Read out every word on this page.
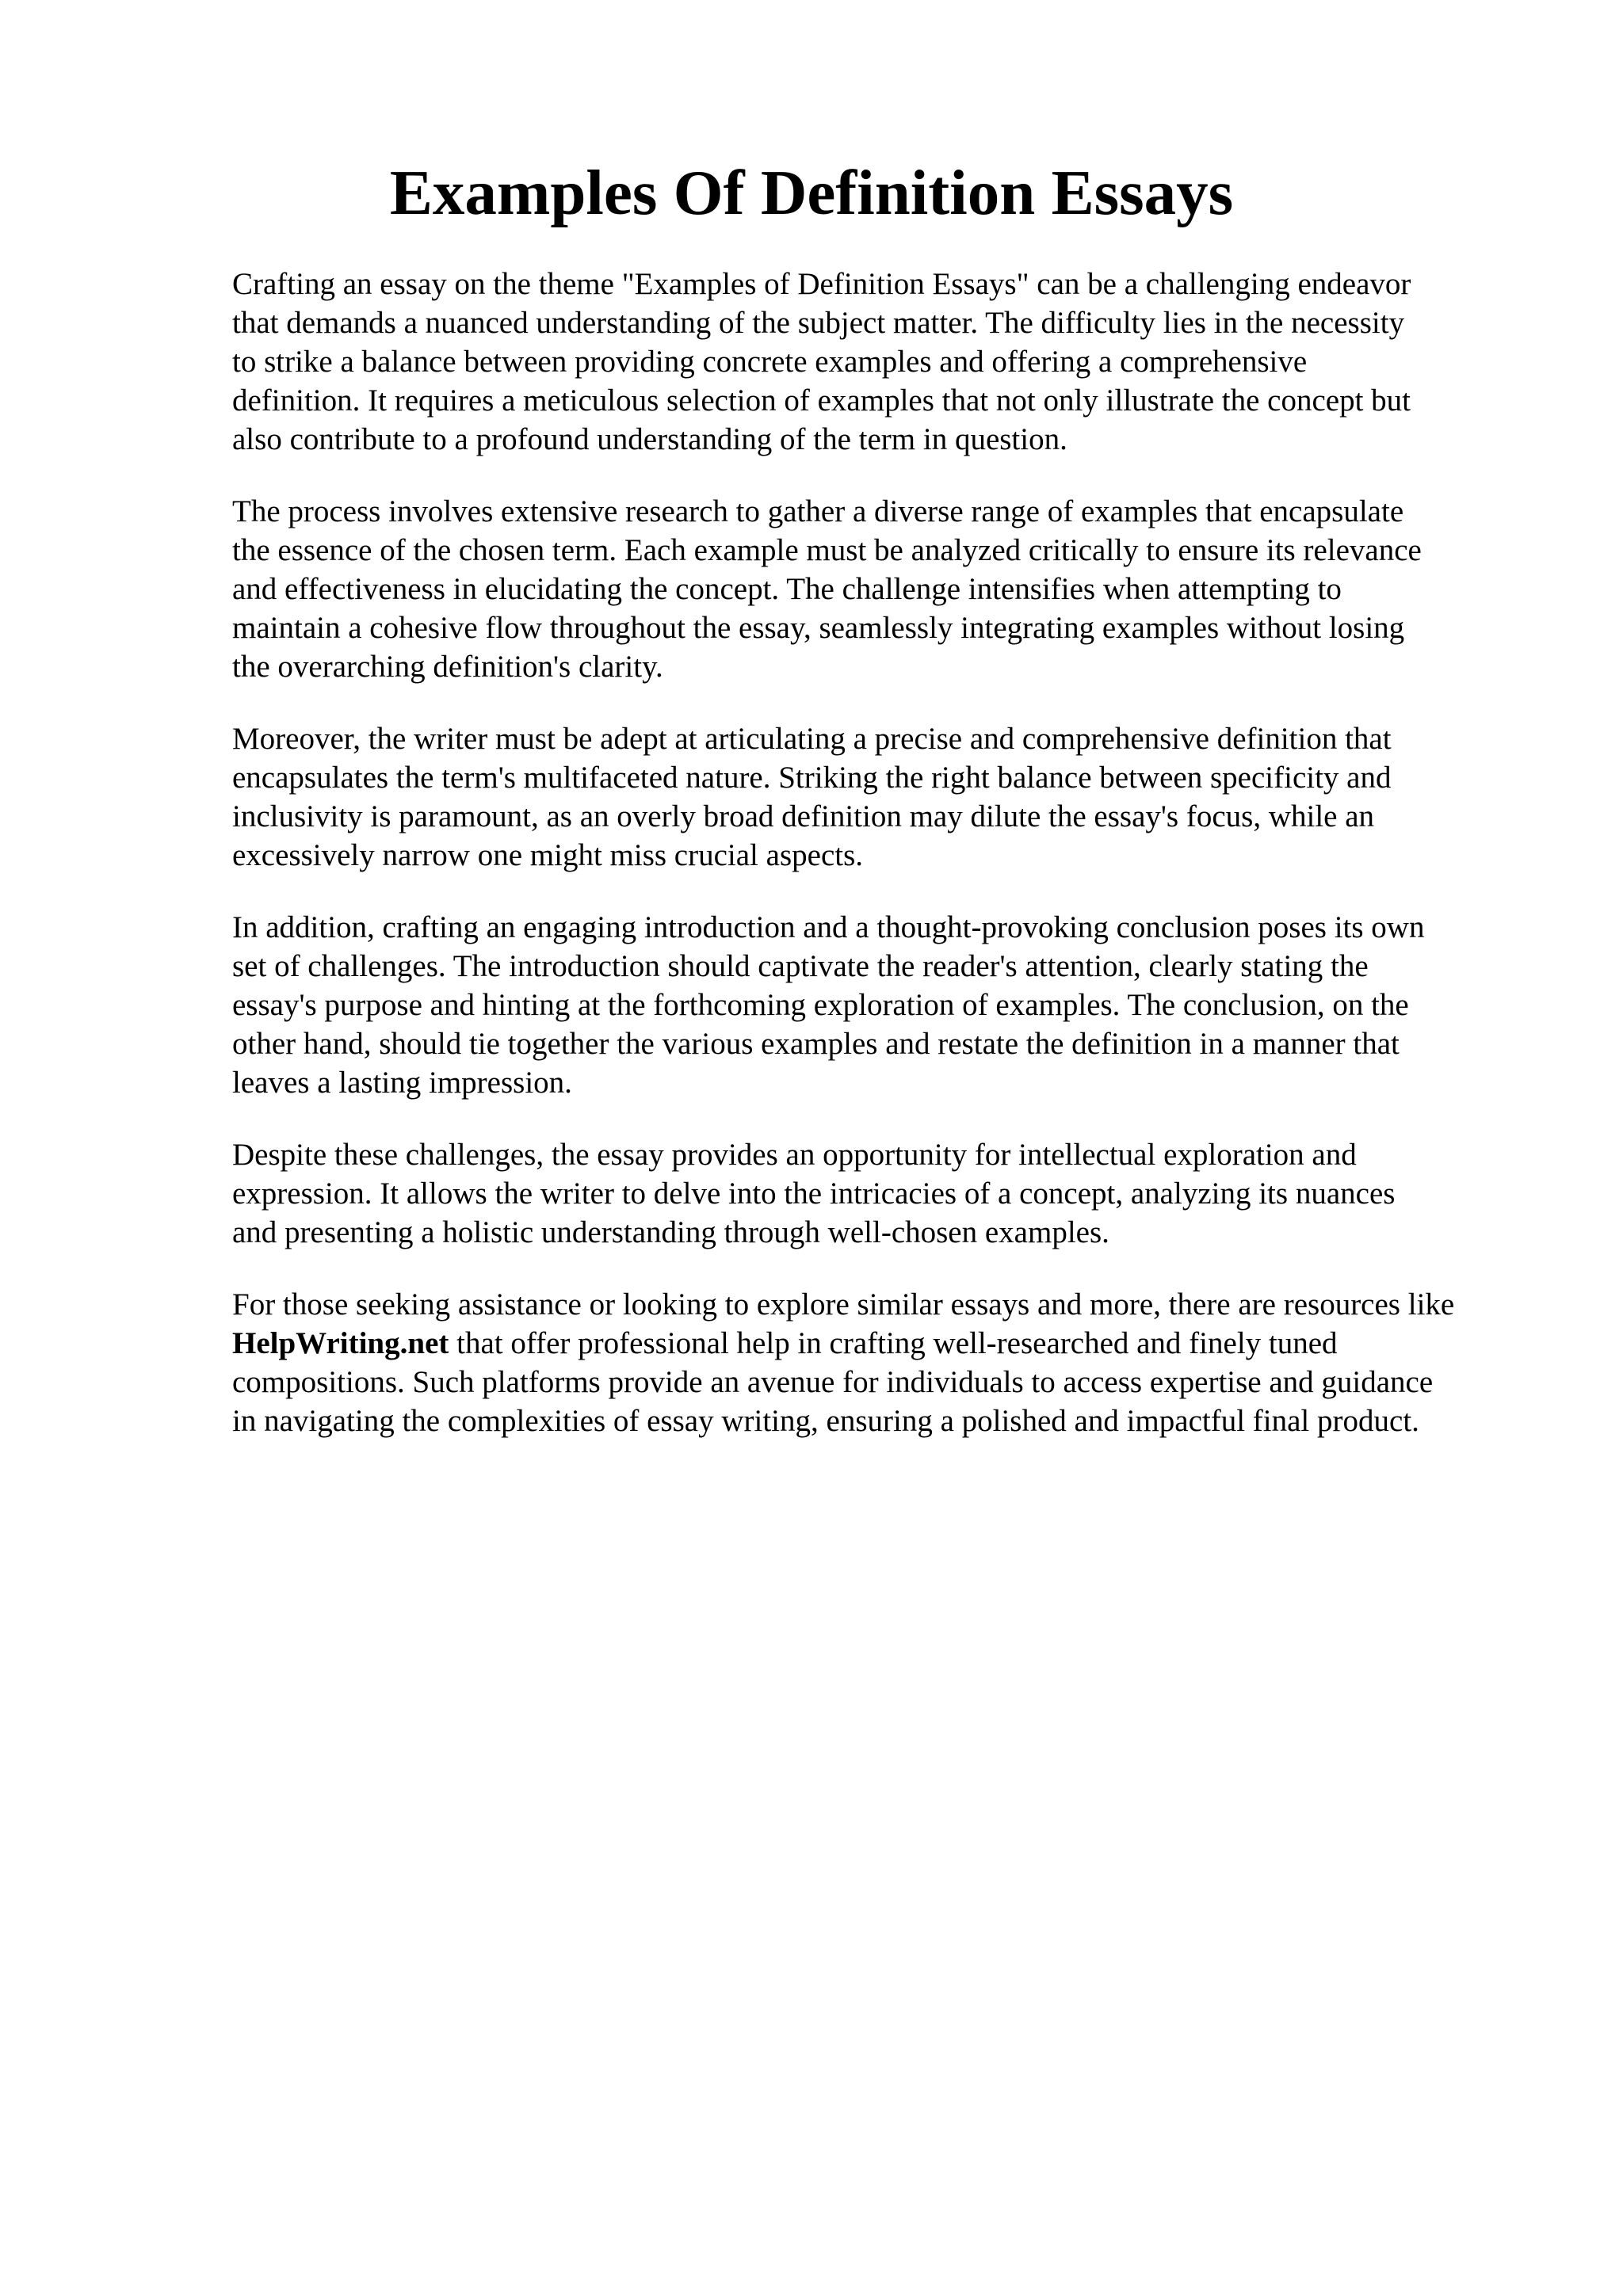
Examples Of Definition Essays

Crafting an essay on the theme "Examples of Definition Essays" can be a challenging endeavor
that demands a nuanced understanding of the subject matter. The difficulty lies in the necessity
to strike a balance between providing concrete examples and offering a comprehensive
definition. It requires a meticulous selection of examples that not only illustrate the concept but
also contribute to a profound understanding of the term in question.

The process involves extensive research to gather a diverse range of examples that encapsulate
the essence of the chosen term. Each example must be analyzed critically to ensure its relevance
and effectiveness in elucidating the concept. The challenge intensifies when attempting to
maintain a cohesive flow throughout the essay, seamlessly integrating examples without losing
the overarching definition's clarity.

Moreover, the writer must be adept at articulating a precise and comprehensive definition that
encapsulates the term's multifaceted nature. Striking the right balance between specificity and
inclusivity is paramount, as an overly broad definition may dilute the essay's focus, while an
excessively narrow one might miss crucial aspects.

In addition, crafting an engaging introduction and a thought-provoking conclusion poses its own
set of challenges. The introduction should captivate the reader's attention, clearly stating the
essay's purpose and hinting at the forthcoming exploration of examples. The conclusion, on the
other hand, should tie together the various examples and restate the definition in a manner that
leaves a lasting impression.

Despite these challenges, the essay provides an opportunity for intellectual exploration and
expression. It allows the writer to delve into the intricacies of a concept, analyzing its nuances
and presenting a holistic understanding through well-chosen examples.

For those seeking assistance or looking to explore similar essays and more, there are resources like
HelpWriting.net that offer professional help in crafting well-researched and finely tuned
compositions. Such platforms provide an avenue for individuals to access expertise and guidance
in navigating the complexities of essay writing, ensuring a polished and impactful final product.
